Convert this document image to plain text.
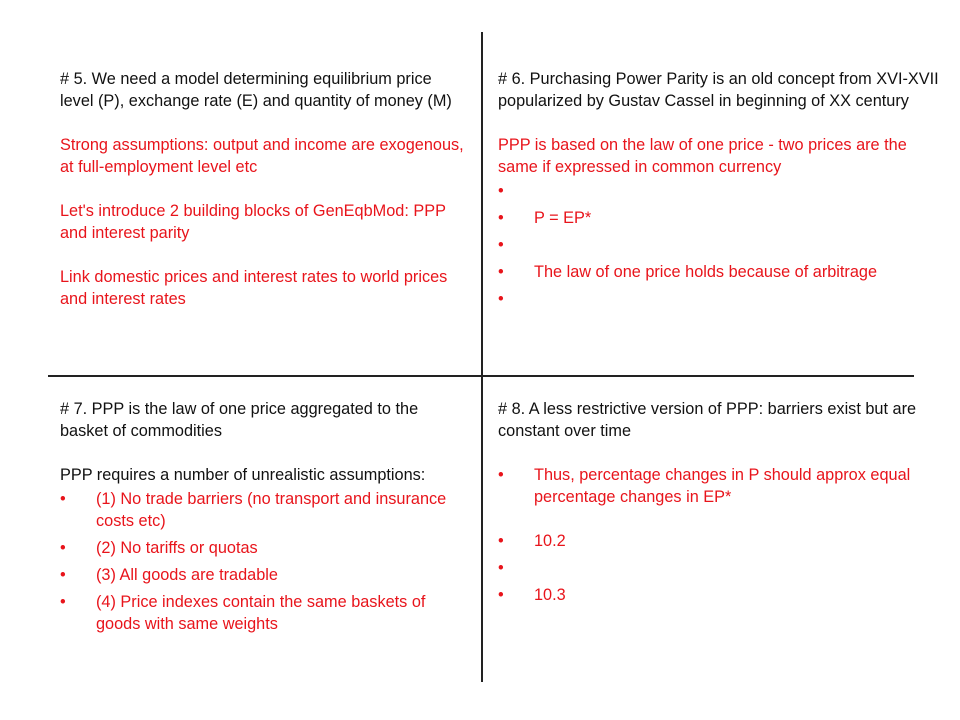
# 5. We need a model determining equilibrium price level (P), exchange rate (E) and quantity of money (M)

Strong assumptions: output and income are exogenous, at full-employment level etc

Let's introduce 2 building blocks of GenEqbMod: PPP and interest parity

Link domestic prices and interest rates to world prices and interest rates

# 6. Purchasing Power Parity is an old concept from XVI-XVII popularized by Gustav Cassel in beginning of XX century

PPP is based on the law of one price - two prices are the same if expressed in common currency

•
• P = EP*
•
• The law of one price holds because of arbitrage
•

# 7. PPP is the law of one price aggregated to the basket of commodities

PPP requires a number of unrealistic assumptions:

• (1) No trade barriers (no transport and insurance costs etc)
• (2) No tariffs or quotas
• (3) All goods are tradable
• (4) Price indexes contain the same baskets of goods with same weights

# 8. A less restrictive version of PPP: barriers exist but are constant over time

• Thus, percentage changes in P should approx equal percentage changes in EP*
• 10.2
•
• 10.3
